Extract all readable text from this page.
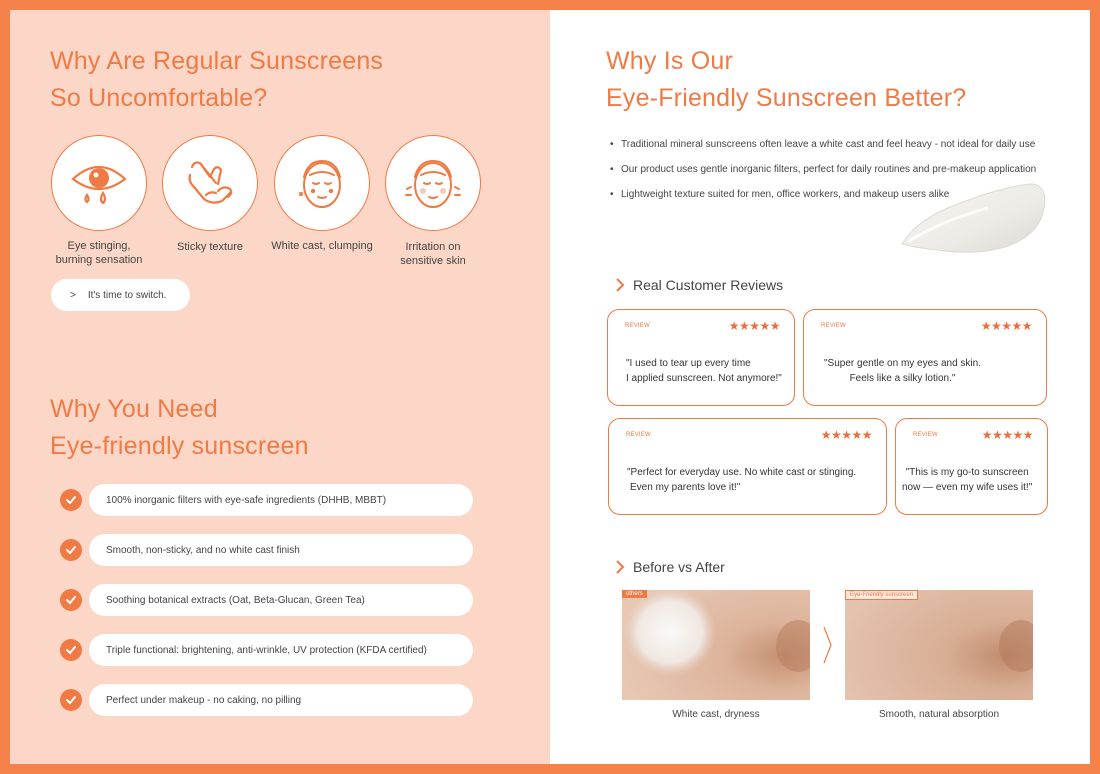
Why Are Regular Sunscreens
So Uncomfortable?
Eye stinging,
burning sensation
Sticky texture	White cast, clumping	Irritation on
sensitive skin
> It's time to switch.
Why You Need
Eye-friendly sunscreen
100% inorganic filters with eye-safe ingredients (DHHB, MBBT)
Smooth, non-sticky, and no white cast finish
Soothing botanical extracts (Oat, Beta-Glucan, Green Tea)
Triple functional: brightening, anti-wrinkle, UV protection (KFDA certified)
Perfect under makeup - no caking, no pilling
Why Is Our
Eye-Friendly Sunscreen Better?
• Traditional mineral sunscreens often leave a white cast and feel heavy - not ideal for daily use
• Our product uses gentle inorganic filters, perfect for daily routines and pre-makeup application
• Lightweight texture suited for men, office workers, and makeup users alike
Real Customer Reviews
REVIEW	★★★★★
"I used to tear up every time
I applied sunscreen. Not anymore!"
REVIEW	★★★★★
"Super gentle on my eyes and skin.
Feels like a silky lotion."
REVIEW	★★★★★
"Perfect for everyday use. No white cast or stinging.
Even my parents love it!"
REVIEW	★★★★★
"This is my go-to sunscreen
now — even my wife uses it!"
Before vs After
others
White cast, dryness
Eye-Friendly sunscreen
Smooth, natural absorption
